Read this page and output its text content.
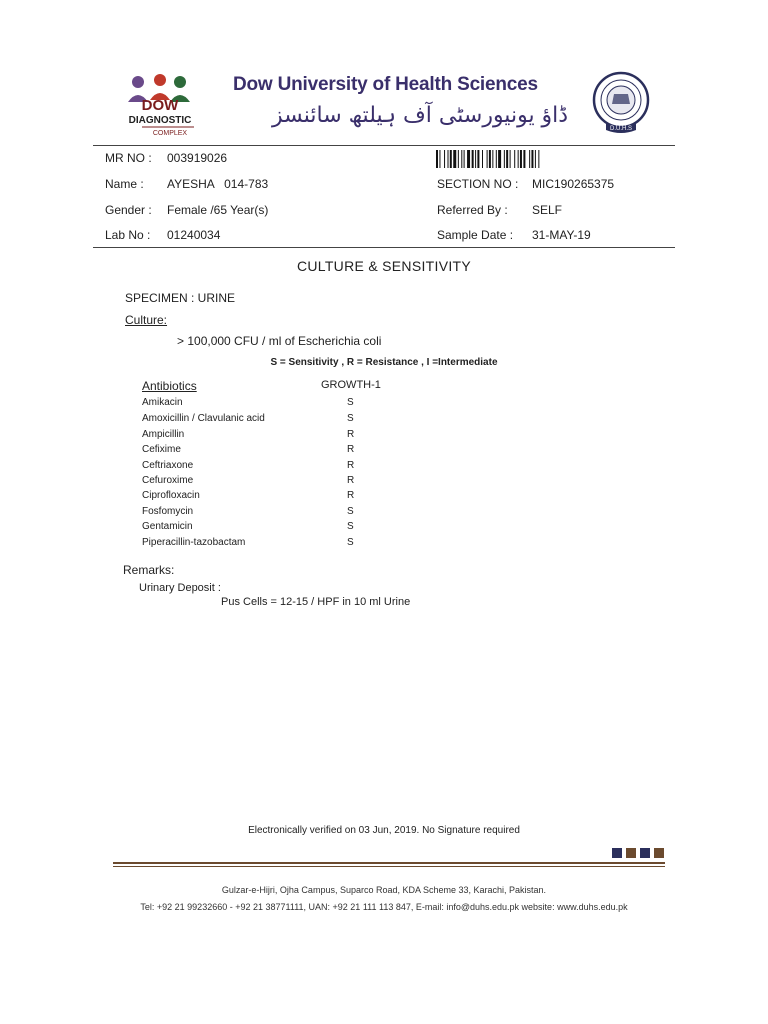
DOW
DIAGNOSTIC
COMPLEX
Dow University of Health Sciences
ڈاؤ یونیورسٹی آف ہیلتھ سائنسز
D.U.H.S
MR NO : 003919026
Name : AYESHA   014-783	SECTION NO : MIC190265375
Gender : Female /65 Year(s)	Referred By : SELF
Lab No : 01240034	Sample Date : 31-MAY-19
CULTURE & SENSITIVITY
SPECIMEN : URINE
Culture:
> 100,000 CFU / ml of Escherichia coli
S = Sensitivity , R = Resistance , I =Intermediate
Antibiotics	GROWTH-1
Amikacin	S
Amoxicillin / Clavulanic acid	S
Ampicillin	R
Cefixime	R
Ceftriaxone	R
Cefuroxime	R
Ciprofloxacin	R
Fosfomycin	S
Gentamicin	S
Piperacillin-tazobactam	S
Remarks:
Urinary Deposit :
Pus Cells = 12-15 / HPF in 10 ml Urine
Electronically verified on 03 Jun, 2019. No Signature required
Gulzar-e-Hijri, Ojha Campus, Suparco Road, KDA Scheme 33, Karachi, Pakistan.
Tel: +92 21 99232660 - +92 21 38771111, UAN: +92 21 111 113 847, E-mail: info@duhs.edu.pk website: www.duhs.edu.pk
